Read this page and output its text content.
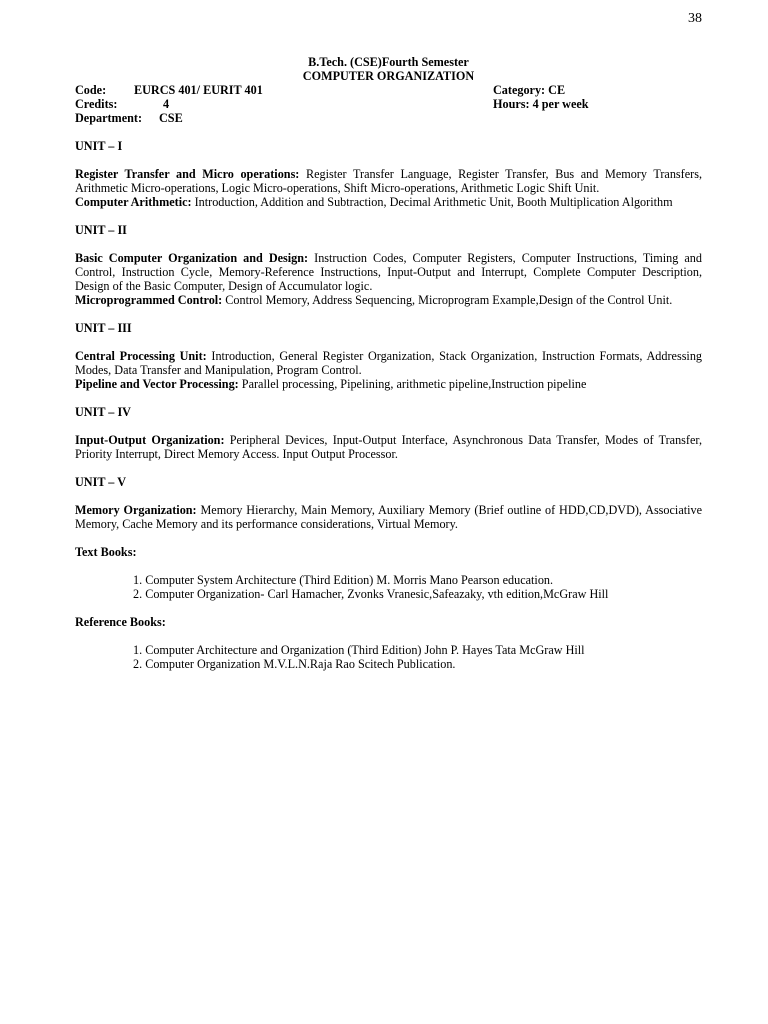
38
B.Tech. (CSE)Fourth Semester
COMPUTER ORGANIZATION
Code:	EURCS 401/ EURIT 401	Category: CE
Credits:	4	Hours: 4 per week
Department:	CSE
UNIT – I

Register Transfer and Micro operations: Register Transfer Language, Register Transfer, Bus and Memory Transfers, Arithmetic Micro-operations, Logic Micro-operations, Shift Micro-operations, Arithmetic Logic Shift Unit.

Computer Arithmetic: Introduction, Addition and Subtraction, Decimal Arithmetic Unit, Booth Multiplication Algorithm

UNIT – II

Basic Computer Organization and Design: Instruction Codes, Computer Registers, Computer Instructions, Timing and Control, Instruction Cycle, Memory-Reference Instructions, Input-Output and Interrupt, Complete Computer Description, Design of the Basic Computer, Design of Accumulator logic.

Microprogrammed Control: Control Memory, Address Sequencing, Microprogram Example,Design of the Control Unit.

UNIT – III

Central Processing Unit: Introduction, General Register Organization, Stack Organization, Instruction Formats, Addressing Modes, Data Transfer and Manipulation, Program Control.

Pipeline and Vector Processing: Parallel processing, Pipelining, arithmetic pipeline,Instruction pipeline

UNIT – IV

Input-Output Organization: Peripheral Devices, Input-Output Interface, Asynchronous Data Transfer, Modes of Transfer, Priority Interrupt, Direct Memory Access. Input Output Processor.

UNIT – V

Memory Organization: Memory Hierarchy, Main Memory, Auxiliary Memory (Brief outline of HDD,CD,DVD), Associative Memory, Cache Memory and its performance considerations, Virtual Memory.

Text Books:
1. Computer System Architecture (Third Edition) M. Morris Mano Pearson education.
2. Computer Organization- Carl Hamacher, Zvonks Vranesic,Safeazaky, vth edition,McGraw Hill
Reference Books:
1. Computer Architecture and Organization (Third Edition) John P. Hayes Tata McGraw Hill
2. Computer Organization M.V.L.N.Raja Rao Scitech Publication.
